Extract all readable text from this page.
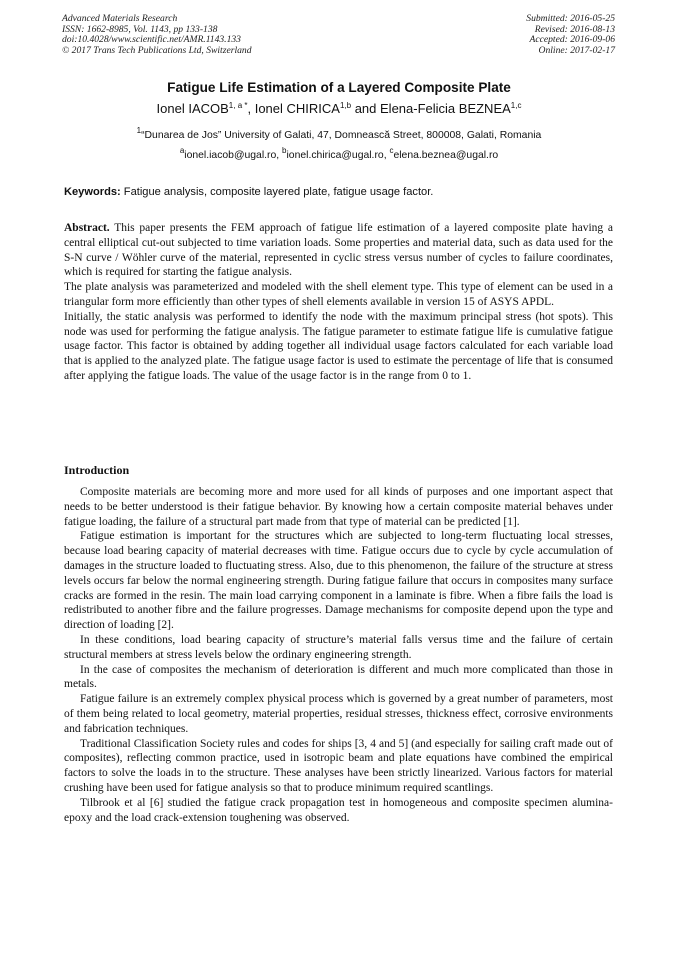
Advanced Materials Research
ISSN: 1662-8985, Vol. 1143, pp 133-138
doi:10.4028/www.scientific.net/AMR.1143.133
© 2017 Trans Tech Publications Ltd, Switzerland
Submitted: 2016-05-25
Revised: 2016-08-13
Accepted: 2016-09-06
Online: 2017-02-17
Fatigue Life Estimation of a Layered Composite Plate
Ionel $IACOB^{1, a *}$, Ionel CHIRICA$^{1,b}$ and Elena-Felicia BEZNEA$^{1,c}$
$^1$“Dunarea de Jos” University of Galati, 47, Domnească Street, 800008, Galati, Romania
$^a$ionel.iacob@ugal.ro, $^b$ionel.chirica@ugal.ro, $^c$elena.beznea@ugal.ro
Keywords: Fatigue analysis, composite layered plate, fatigue usage factor.

Abstract. This paper presents the FEM approach of fatigue life estimation of a layered composite plate having a central elliptical cut-out subjected to time variation loads. Some properties and material data, such as data used for the S-N curve / Wöhler curve of the material, represented in cyclic stress versus number of cycles to failure coordinates, which is required for starting the fatigue analysis.

The plate analysis was parameterized and modeled with the shell element type. This type of element can be used in a triangular form more efficiently than other types of shell elements available in version 15 of ASYS APDL.

Initially, the static analysis was performed to identify the node with the maximum principal stress (hot spots). This node was used for performing the fatigue analysis. The fatigue parameter to estimate fatigue life is cumulative fatigue usage factor. This factor is obtained by adding together all individual usage factors calculated for each variable load that is applied to the analyzed plate. The fatigue usage factor is used to estimate the percentage of life that is consumed after applying the fatigue loads. The value of the usage factor is in the range from 0 to 1.

Introduction

Composite materials are becoming more and more used for all kinds of purposes and one important aspect that needs to be better understood is their fatigue behavior. By knowing how a certain composite material behaves under fatigue loading, the failure of a structural part made from that type of material can be predicted [1].

Fatigue estimation is important for the structures which are subjected to long-term fluctuating local stresses, because load bearing capacity of material decreases with time. Fatigue occurs due to cycle by cycle accumulation of damages in the structure loaded to fluctuating stress. Also, due to this phenomenon, the failure of the structure at stress levels occurs far below the normal engineering strength. During fatigue failure that occurs in composites many surface cracks are formed in the resin. The main load carrying component in a laminate is fibre. When a fibre fails the load is redistributed to another fibre and the failure progresses. Damage mechanisms for composite depend upon the type and direction of loading [2].

In these conditions, load bearing capacity of structure’s material falls versus time and the failure of certain structural members at stress levels below the ordinary engineering strength.

In the case of composites the mechanism of deterioration is different and much more complicated than those in metals.

Fatigue failure is an extremely complex physical process which is governed by a great number of parameters, most of them being related to local geometry, material properties, residual stresses, thickness effect, corrosive environments and fabrication techniques.

Traditional Classification Society rules and codes for ships [3, 4 and 5] (and especially for sailing craft made out of composites), reflecting common practice, used in isotropic beam and plate equations have combined the empirical factors to solve the loads in to the structure. These analyses have been strictly linearized. Various factors for material crushing have been used for fatigue analysis so that to produce minimum required scantlings.

Tilbrook et al [6] studied the fatigue crack propagation test in homogeneous and composite specimen alumina-epoxy and the load crack-extension toughening was observed.
